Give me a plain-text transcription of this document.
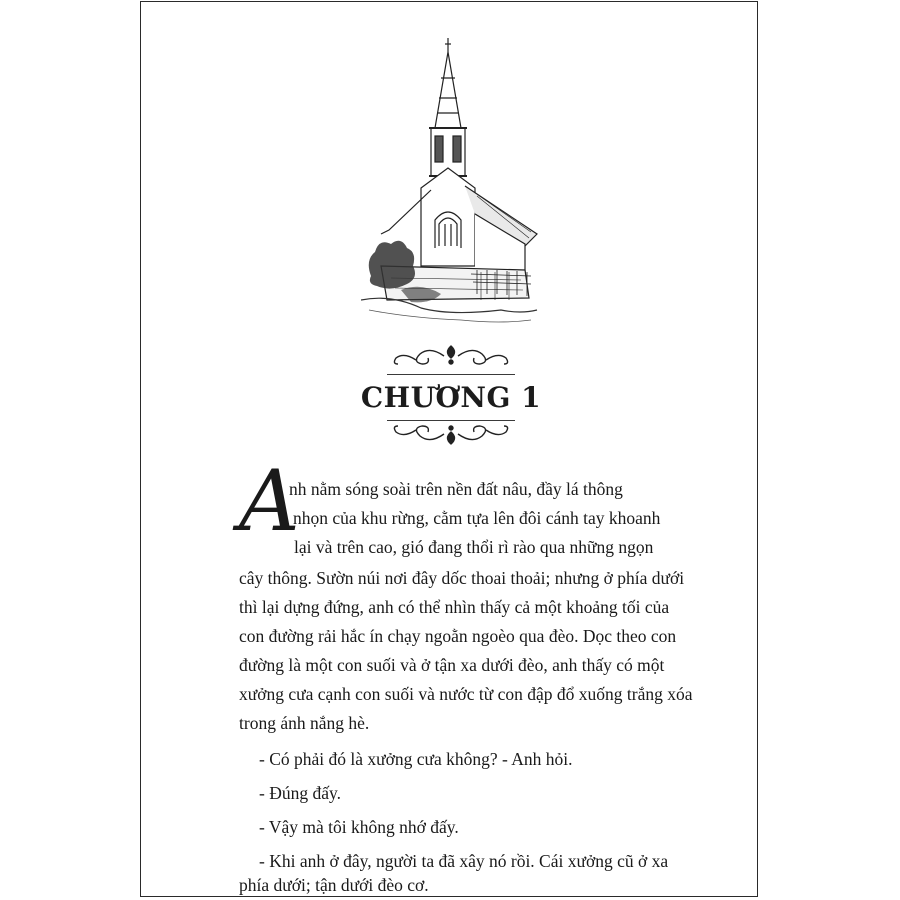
CHƯƠNG 1
A
nh nằm sóng soài trên nền đất nâu, đầy lá thông
nhọn của khu rừng, cằm tựa lên đôi cánh tay khoanh
lại và trên cao, gió đang thổi rì rào qua những ngọn
cây thông. Sườn núi nơi đây dốc thoai thoải; nhưng ở phía dưới
thì lại dựng đứng, anh có thể nhìn thấy cả một khoảng tối của
con đường rải hắc ín chạy ngoằn ngoèo qua đèo. Dọc theo con
đường là một con suối và ở tận xa dưới đèo, anh thấy có một
xưởng cưa cạnh con suối và nước từ con đập đổ xuống trắng xóa
trong ánh nắng hè.
- Có phải đó là xưởng cưa không? - Anh hỏi.
- Đúng đấy.
- Vậy mà tôi không nhớ đấy.
- Khi anh ở đây, người ta đã xây nó rồi. Cái xưởng cũ ở xa
phía dưới; tận dưới đèo cơ.
